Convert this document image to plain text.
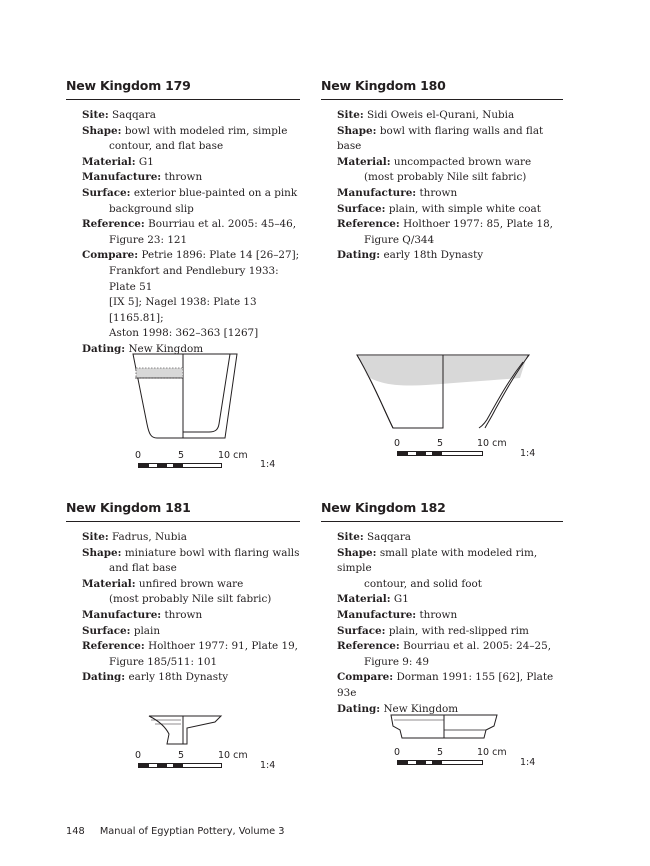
New Kingdom 179
Site: Saqqara
Shape: bowl with modeled rim, simple
contour, and flat base
Material: G1
Manufacture: thrown
Surface: exterior blue-painted on a pink
background slip
Reference: Bourriau et al. 2005: 45–46,
Figure 23: 121
Compare: Petrie 1896: Plate 14 [26–27];
Frankfort and Pendlebury 1933: Plate 51
[IX 5]; Nagel 1938: Plate 13 [1165.81];
Aston 1998: 362–363 [1267]
Dating: New Kingdom
New Kingdom 180
Site: Sidi Oweis el-Qurani, Nubia
Shape: bowl with flaring walls and flat base
Material: uncompacted brown ware
(most probably Nile silt fabric)
Manufacture: thrown
Surface: plain, with simple white coat
Reference: Holthoer 1977: 85, Plate 18,
Figure Q/344
Dating: early 18th Dynasty
New Kingdom 181
Site: Fadrus, Nubia
Shape: miniature bowl with flaring walls
and flat base
Material: unfired brown ware
(most probably Nile silt fabric)
Manufacture: thrown
Surface: plain
Reference: Holthoer 1977: 91, Plate 19,
Figure 185/511: 101
Dating: early 18th Dynasty
New Kingdom 182
Site: Saqqara
Shape: small plate with modeled rim, simple
contour, and solid foot
Material: G1
Manufacture: thrown
Surface: plain, with red-slipped rim
Reference: Bourriau et al. 2005: 24–25,
Figure 9: 49
Compare: Dorman 1991: 155 [62], Plate 93e
Dating: New Kingdom
0	5	10 cm
1:4
0	5	10 cm
1:4
0	5	10 cm
1:4
0	5	10 cm
1:4
148 Manual of Egyptian Pottery, Volume 3
